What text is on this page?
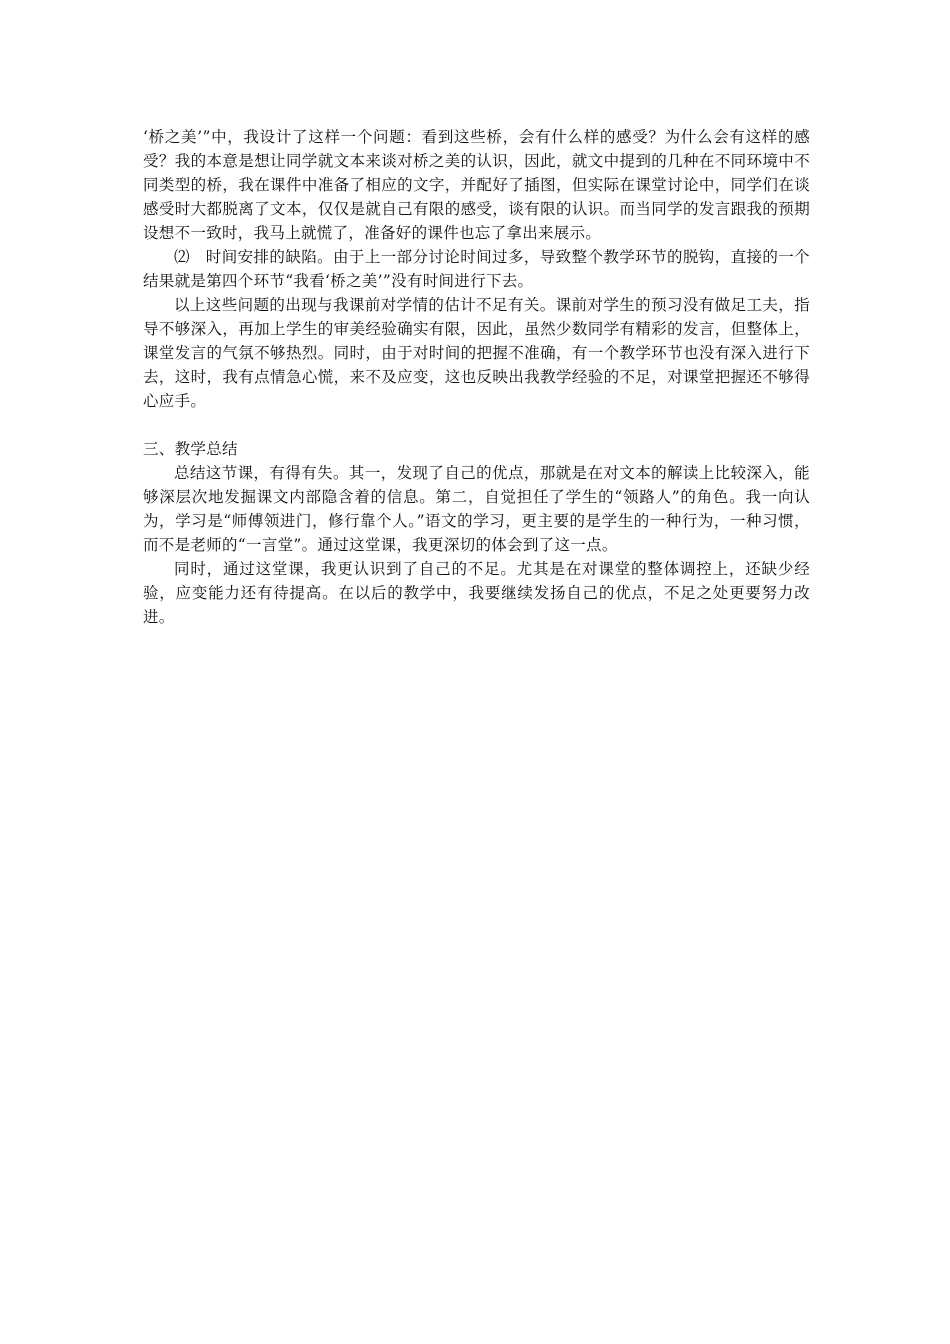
‘桥之美’”中，我设计了这样一个问题：看到这些桥，会有什么样的感受？为什么会有这样的感受？我的本意是想让同学就文本来谈对桥之美的认识，因此，就文中提到的几种在不同环境中不同类型的桥，我在课件中准备了相应的文字，并配好了插图，但实际在课堂讨论中，同学们在谈感受时大都脱离了文本，仅仅是就自己有限的感受，谈有限的认识。而当同学的发言跟我的预期设想不一致时，我马上就慌了，准备好的课件也忘了拿出来展示。

⑵　时间安排的缺陷。由于上一部分讨论时间过多，导致整个教学环节的脱钩，直接的一个结果就是第四个环节“我看‘桥之美’”没有时间进行下去。

以上这些问题的出现与我课前对学情的估计不足有关。课前对学生的预习没有做足工夫，指导不够深入，再加上学生的审美经验确实有限，因此，虽然少数同学有精彩的发言，但整体上，课堂发言的气氛不够热烈。同时，由于对时间的把握不准确，有一个教学环节也没有深入进行下去，这时，我有点情急心慌，来不及应变，这也反映出我教学经验的不足，对课堂把握还不够得心应手。

三、教学总结

总结这节课，有得有失。其一，发现了自己的优点，那就是在对文本的解读上比较深入，能够深层次地发掘课文内部隐含着的信息。第二，自觉担任了学生的“领路人”的角色。我一向认为，学习是“师傅领进门，修行靠个人。”语文的学习，更主要的是学生的一种行为，一种习惯，而不是老师的“一言堂”。通过这堂课，我更深切的体会到了这一点。

同时，通过这堂课，我更认识到了自己的不足。尤其是在对课堂的整体调控上，还缺少经验，应变能力还有待提高。在以后的教学中，我要继续发扬自己的优点，不足之处更要努力改进。
